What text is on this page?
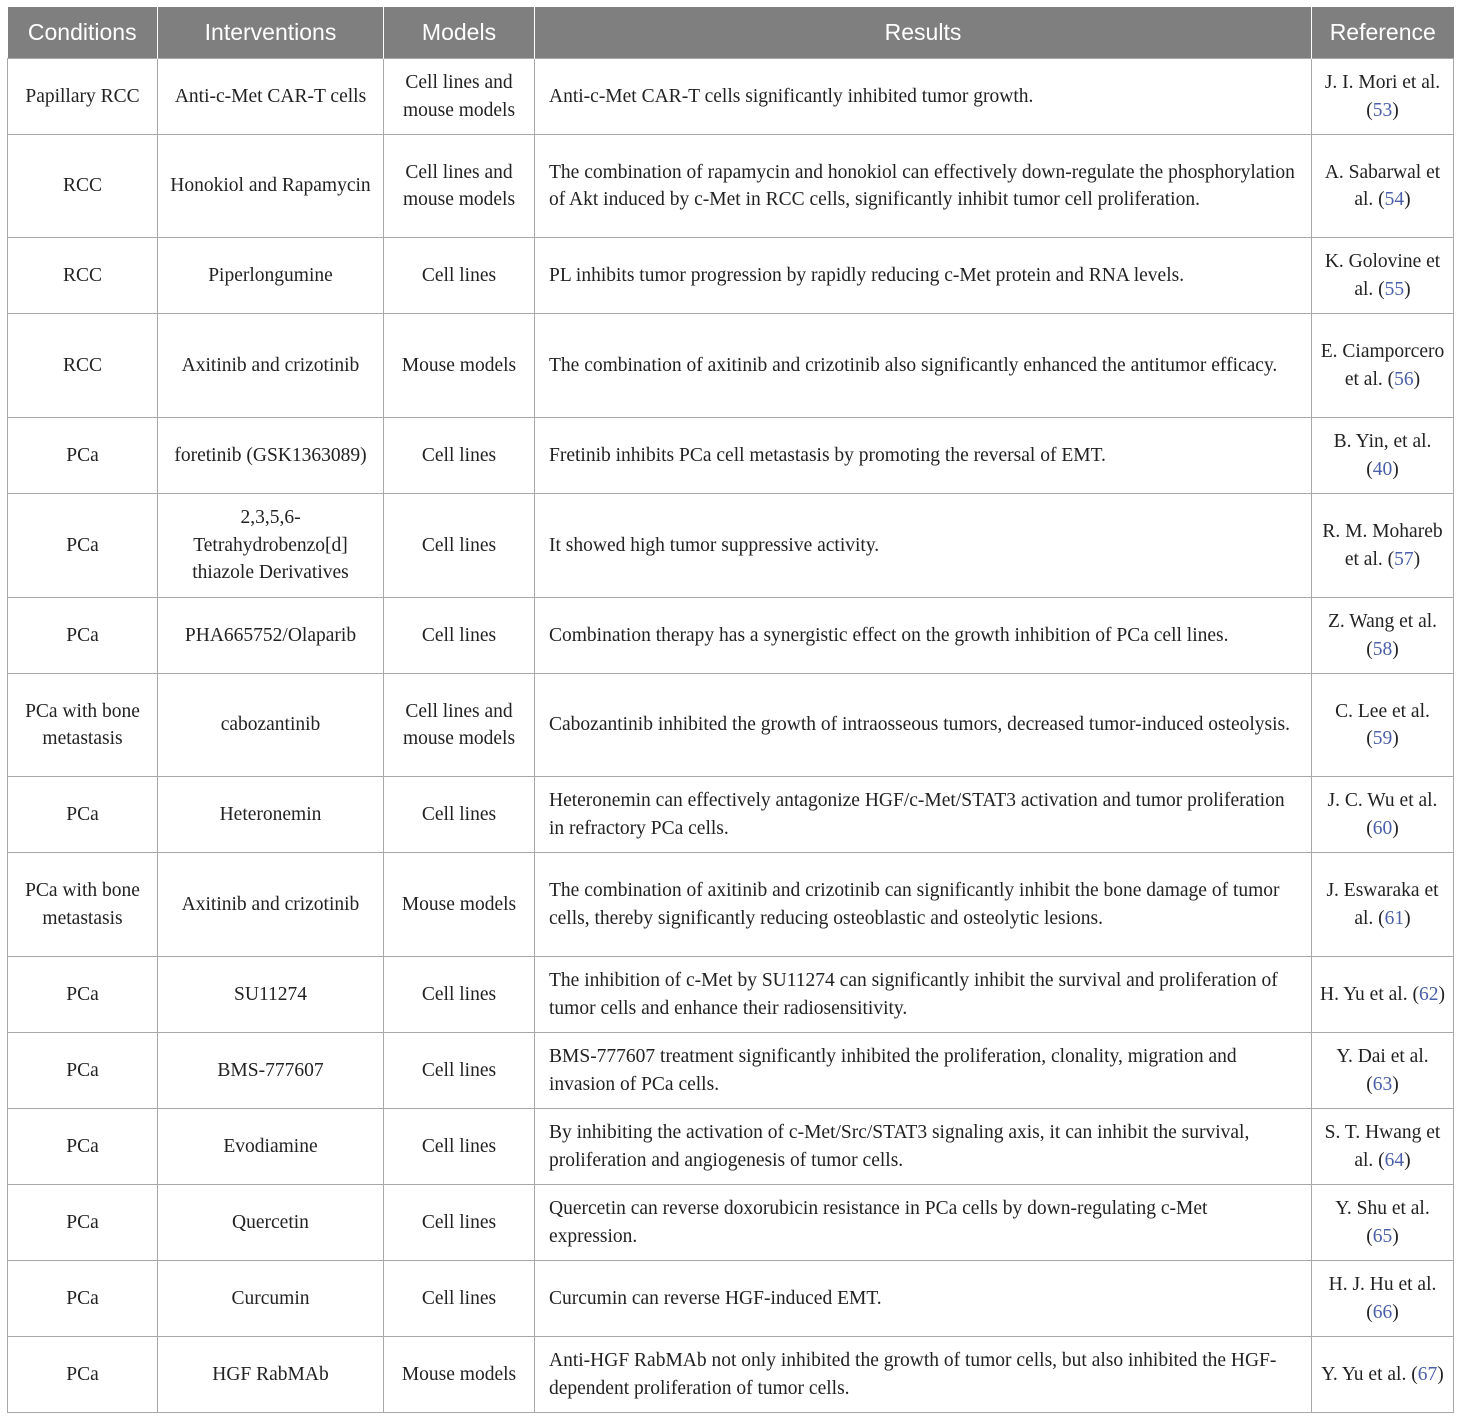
Conditions	Interventions	Models	Results	Reference
Papillary RCC	Anti-c-Met CAR-T cells	Cell lines and mouse models	Anti-c-Met CAR-T cells significantly inhibited tumor growth.	J. I. Mori et al. (53)
RCC	Honokiol and Rapamycin	Cell lines and mouse models	The combination of rapamycin and honokiol can effectively down-regulate the phosphorylation of Akt induced by c-Met in RCC cells, significantly inhibit tumor cell proliferation.	A. Sabarwal et al. (54)
RCC	Piperlongumine	Cell lines	PL inhibits tumor progression by rapidly reducing c-Met protein and RNA levels.	K. Golovine et al. (55)
RCC	Axitinib and crizotinib	Mouse models	The combination of axitinib and crizotinib also significantly enhanced the antitumor efficacy.	E. Ciamporcero et al. (56)
PCa	foretinib (GSK1363089)	Cell lines	Fretinib inhibits PCa cell metastasis by promoting the reversal of EMT.	B. Yin, et al. (40)
PCa	2,3,5,6-Tetrahydrobenzo[d] thiazole Derivatives	Cell lines	It showed high tumor suppressive activity.	R. M. Mohareb et al. (57)
PCa	PHA665752/Olaparib	Cell lines	Combination therapy has a synergistic effect on the growth inhibition of PCa cell lines.	Z. Wang et al. (58)
PCa with bone metastasis	cabozantinib	Cell lines and mouse models	Cabozantinib inhibited the growth of intraosseous tumors, decreased tumor-induced osteolysis.	C. Lee et al. (59)
PCa	Heteronemin	Cell lines	Heteronemin can effectively antagonize HGF/c-Met/STAT3 activation and tumor proliferation in refractory PCa cells.	J. C. Wu et al. (60)
PCa with bone metastasis	Axitinib and crizotinib	Mouse models	The combination of axitinib and crizotinib can significantly inhibit the bone damage of tumor cells, thereby significantly reducing osteoblastic and osteolytic lesions.	J. Eswaraka et al. (61)
PCa	SU11274	Cell lines	The inhibition of c-Met by SU11274 can significantly inhibit the survival and proliferation of tumor cells and enhance their radiosensitivity.	H. Yu et al. (62)
PCa	BMS-777607	Cell lines	BMS-777607 treatment significantly inhibited the proliferation, clonality, migration and invasion of PCa cells.	Y. Dai et al. (63)
PCa	Evodiamine	Cell lines	By inhibiting the activation of c-Met/Src/STAT3 signaling axis, it can inhibit the survival, proliferation and angiogenesis of tumor cells.	S. T. Hwang et al. (64)
PCa	Quercetin	Cell lines	Quercetin can reverse doxorubicin resistance in PCa cells by down-regulating c-Met expression.	Y. Shu et al. (65)
PCa	Curcumin	Cell lines	Curcumin can reverse HGF-induced EMT.	H. J. Hu et al. (66)
PCa	HGF RabMAb	Mouse models	Anti-HGF RabMAb not only inhibited the growth of tumor cells, but also inhibited the HGF-dependent proliferation of tumor cells.	Y. Yu et al. (67)
